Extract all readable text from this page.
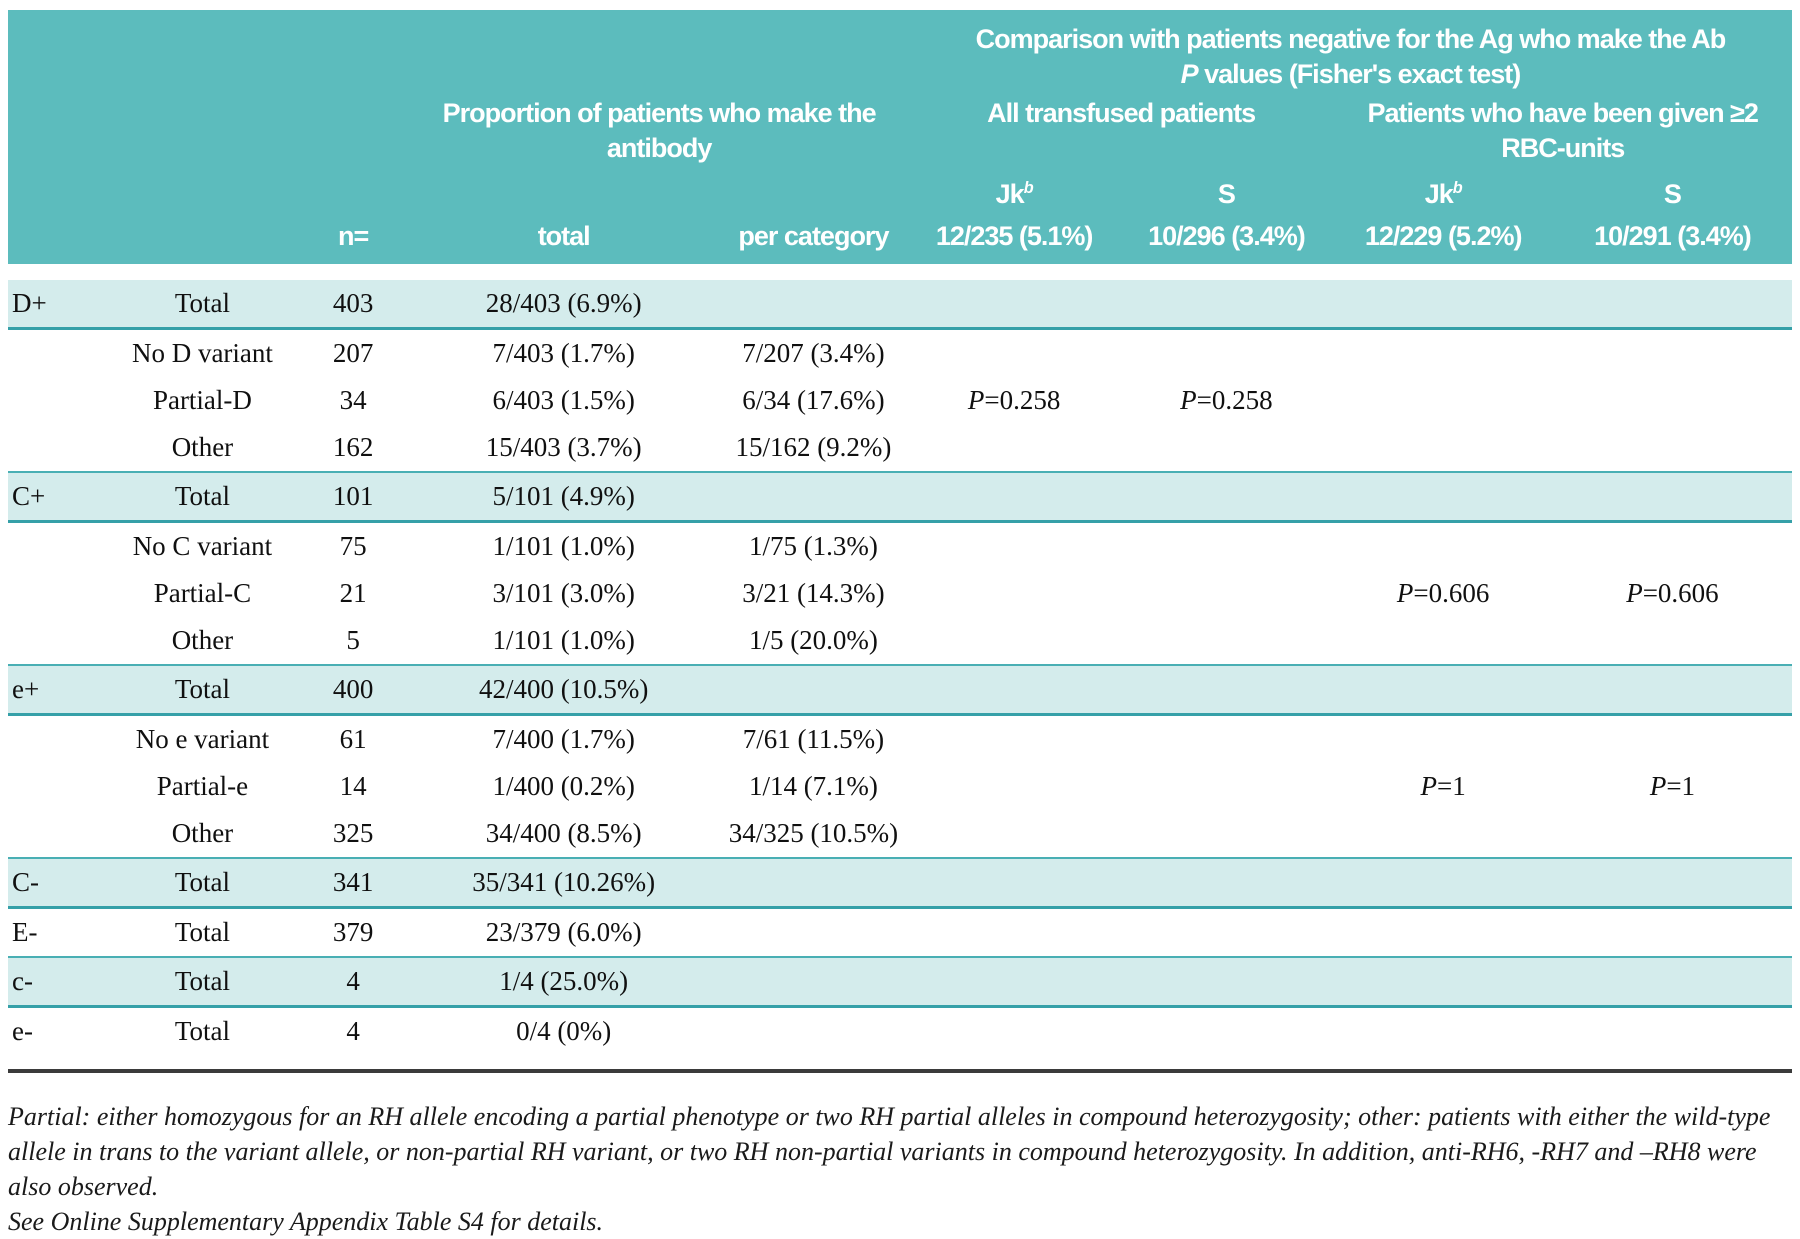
					Comparison with patients negative for the Ag who make the Ab
P values (Fisher's exact test)			

			Proportion of patients who make the antibody		All transfused patients		Patients who have been given ≥2 RBC-units	
					Jk$^b$	S	Jk$^b$	S
		n=	total	per category	12/235 (5.1%)	10/296 (3.4%)	12/229 (5.2%)	10/291 (3.4%)

D+	Total	403	28/403 (6.9%)					
	No D variant	207	7/403 (1.7%)	7/207 (3.4%)				
	Partial-D	34	6/403 (1.5%)	6/34 (17.6%)	P=0.258	P=0.258		
	Other	162	15/403 (3.7%)	15/162 (9.2%)				
C+	Total	101	5/101 (4.9%)					
	No C variant	75	1/101 (1.0%)	1/75 (1.3%)				
	Partial-C	21	3/101 (3.0%)	3/21 (14.3%)			P=0.606	P=0.606
	Other	5	1/101 (1.0%)	1/5 (20.0%)				
e+	Total	400	42/400 (10.5%)					
	No e variant	61	7/400 (1.7%)	7/61 (11.5%)				
	Partial-e	14	1/400 (0.2%)	1/14 (7.1%)			P=1	P=1
	Other	325	34/400 (8.5%)	34/325 (10.5%)				
C-	Total	341	35/341 (10.26%)					
E-	Total	379	23/379 (6.0%)					
c-	Total	4	1/4 (25.0%)					
e-	Total	4	0/4 (0%)					
Partial: either homozygous for an RH allele encoding a partial phenotype or two RH partial alleles in compound heterozygosity; other: patients with either the wild-type allele in trans to the variant allele, or non-partial RH variant, or two RH non-partial variants in compound heterozygosity. In addition, anti-RH6, -RH7 and –RH8 were also observed.
See Online Supplementary Appendix Table S4 for details.
